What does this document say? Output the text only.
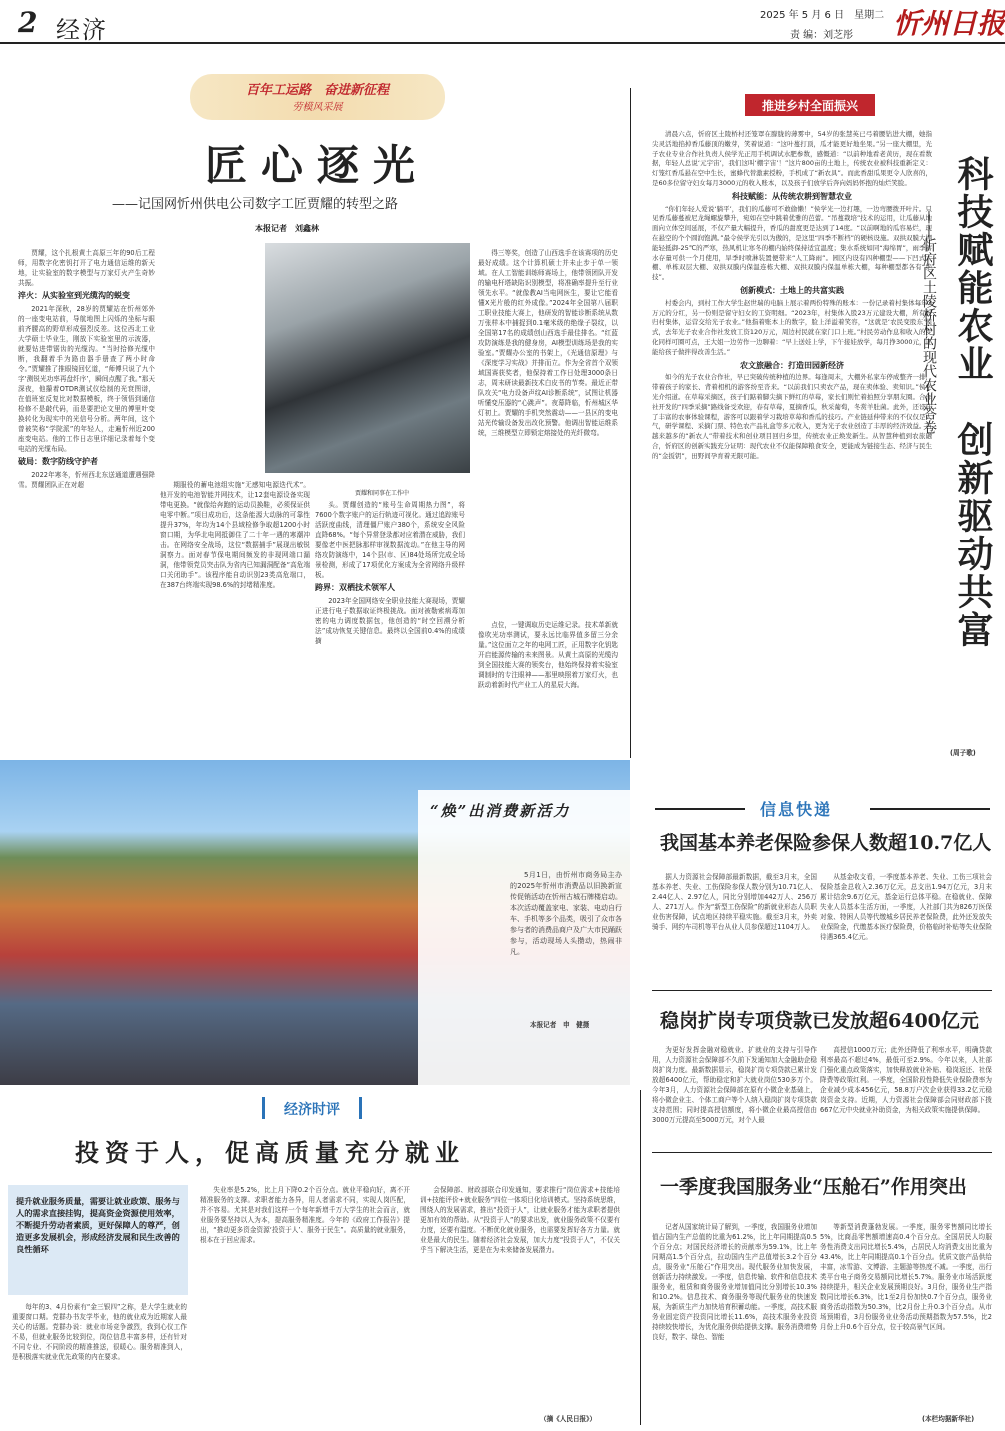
2 经济
2025 年 5 月 6 日　星期二
责 编：刘芝彤 忻州日报
百年工运路　奋进新征程
劳模风采展
匠心逐光
——记国网忻州供电公司数字工匠贾耀的转型之路
本报记者　刘鑫林
贾耀和同事在工作中

贾耀，这个扎根黄土高原三年的90后工程师，用数字化密钥打开了电力通信运维的新天地，让实验室的数字模型与万家灯火产生奇妙共振。

淬火：从实验室到光缆沟的蜕变

2021年深秋，28岁的贾耀站在忻州郊外的一座变电站前，导航地图上闪烁的坐标与眼前齐腰高的野草形成强烈反差。这位西北工业大学硕士毕业生，刚放下实验室里的示波器，就要钻进带锯齿的光缆沟。“当时拾修光缆中断，我翻着手为路由器手册查了两小时命令。”贾耀推了推眼镜回忆道，“师傅只说了九个字‘测锐光功率再盘纤序’，瞬间点醒了我。”那天深夜，他攥着OTDR测试仪绘制的光衰图谱，在值班室反复比对数据模板，终于领悟到通信检修不是敲代码，而是要把论文里的傅里叶变换转化为现实中的光信号分析。两年间，这个曾被笑称“学院派”的年轻人，走遍忻州近200座变电站。他的工作日志里详细记录着每个变电站的光缆布局。

破局：数字防线守护者

2022年寒冬，忻州西北东送通道遭遇强降雪。贾耀团队正在对超	期服役的蓄电池组实施“无感知电源迭代术”。他开发的电池智能并网技术，让12套电源设备实现带电更换。“就像给奔跑的运动员换鞋，必须保证供电零中断。”项目成功后，这条能源大动脉的可靠性提升37%，年均为14个县域检修争取超1200小时窗口期，为华北电网抵御住了二十年一遇的寒潮冲击。在网络安全战场，这位“数据捕手”展现出敏锐洞察力。面对春节保电期间频发的非现网端口漏洞，他带领党员突击队为省内已知漏洞配备“高危端口关闭助手”。该程序能自动识别23类高危端口，在387台终端实现98.6%的封堵精准度。

头。贾耀创造的“账号生命周期热力图”，将7600个数字账户的运行轨迹可视化。通过追踪账号活跃度曲线，清理僵尸账户380个，系统安全风险直降68%。“每个异常登录都对应着潜在威胁，我们要像老中医把脉那样审视数据流动。”在他主导的网络攻防演练中，14个县(市、区)84处场所完成全场景检测，形成了17项优化方案成为全省网络升级样板。

跨界：双栖技术领军人

2023年全国网络安全职业技能大赛现场，贾耀正进行电子数据取证终极挑战。面对被勒索病毒加密的电力调度数据包，他创造的“时空回溯分析法”成功恢复关键信息。最终以全国前0.4%的成绩摘

得三等奖，创造了山西选手在该赛项的历史最好成绩。这个计算机硕士并未止步于单一领域。在人工智能训练师赛场上，他带领团队开发的输电杆塔缺陷识别模型，将准确率提升至行业领先水平。“就像教AI当电网医生，要让它能看懂X光片般的红外成像。”2024年全国第八届职工职业技能大赛上，他研发的智能诊断系统从数万张样本中捕捉到0.1毫米级的绝缘子裂纹，以全国第17名的成绩创山西选手最佳排名。“红蓝攻防演练是我的健身房，AI模型训练场是我的实验室。”贾耀办公室的书架上，《光通信原理》与《深度学习实战》并排而立。作为全省首个双领域国赛获奖者，他保持着工作日处理3000条日志，周末研读最新技术白皮书的节奏。最近正带队攻关“电力设备声纹AI诊断系统”，试图让机器听懂变压器的“心跳声”。夜幕降临，忻州城区华灯初上。贾耀的手机突然震动——一县区的变电站光传输设备发出改化预警。他调出智能运维系统，三维模型立即锁定熔接处的光纤微弯。

点位，一键调取历史运维记录。技术革新就像吹光功率测试，要永远比临界值多留三分余量。”这位面立之年的电网工匠，正用数字化钥匙开启能源传输的未来图景。从黄土高原的光缆沟到全国技能大赛的领奖台，他始终保持着实验室调制时的专注眼神——那里映照着万家灯火，也跃动着新时代产业工人的星辰大海。

推进乡村全面振兴

清晨六点，忻府区土陵桥村还笼罩在朦胧的薄雾中，54岁的张慧英已弓着腰钻进大棚，她指尖灵活地掐掉香瓜藤顶的嫩芽，笑着说道：“这叶蔓打顶，瓜才能更好地坐果。”另一座大棚里，光子农业专业合作社负责人侯学光正用手机调试水肥参数，感慨道：“以前种地看老黄历，现在看数据，年轻人总说‘元宇宙’，我们这叫‘棚宇宙’！”这片800亩的土地上，传统农业被科技重新定义：灯笼红香瓜悬在空中生长，蜜蜂代替激素授粉，手机成了“新农具”。而此香甜瓜果更令人欣喜的，是60多位留守妇女每月3000元的收入账本，以及孩子们放学后奔向妈妈怀抱的灿烂笑脸。

科技赋能：从传统农耕到智慧农业

“你们年轻人爱说‘躺平’，我们的瓜藤可不敢偷懒！”侯学光一边打趣，一边弯腰拨开叶片。只见香瓜藤蔓被尼龙绳螺旋攀升，宛如在空中跳着优雅的芭蕾。“吊蔓栽培”技术的运用，让瓜藤从地面向立体空间延展，不仅产量大幅提升，香瓜的甜度更是达到了14度。“以前啊地的瓜容易烂，现在悬空的个个圆润饱满。”最令侯学光引以为傲的，是这里“四季不断档”的硬核设施。双拱双膜大棚能轻抵御-25℃的严寒，热风机让寒冬的棚内始终保持适宜温度；集水系统如同“海绵胃”，雨季蓄水存量可供一个月使用，旱季时喷淋装置便带来“人工降雨”。园区内设有四种棚型——下凹式大棚、单栋双层大棚、双拱双膜内保温连栋大棚、双拱双膜内保温单栋大棚，每种棚型都各有“绝技”。

创新模式：土地上的共富实践

村委会内，到村工作大学生赵世瑞的电脑上展示着两份特殊的账本：一份记录着村集体每年3万元的分红，另一份则是留守妇女的工资明细。“2023年，村集体入股23万元建设大棚，所有权归村集体，运营交给光子农业。”他指着账本上的数字，脸上洋溢着笑容，“这就是‘农民变股东’模式，去年光子农业合作社发放工资120万元，周边村民就在家门口上班。”村民劳动作息和收入的变化同样可圈可点，王大姐一边劳作一边聊着：“早上送娃上学，下午接娃放学，每月挣3000元，还能给孩子做拌得改善生活。”

农文旅融合：打造田园新经济

如今的光子农业合作社，早已突破传统种植的边界。每逢周末，大棚外私家车停成整齐一排，带着孩子的家长、背着相机的游客纷至沓来。“以前我们只卖农产品，现在卖体验、卖知识。”侯学光介绍道。在草莓采摘区，孩子们踮着脚尖摘下鲜红的草莓，家长们则忙着拍照分享朋友圈。合作社开发的“四季采摘”路线备受欢迎，春有草莓，夏摘香瓜，秋采葡萄，冬赏羊肚菌。此外，还设计了丰富的农事体验课程，游客可以跟着学习栽培草莓和香瓜的技巧。产业链延伸带来的不仅仅是人气，研学课程、采摘门票、特色农产品礼盒等多元收入，更为光子农业创造了丰厚的经济效益。当越来越多的“新农人”带着技术和创业项目回归乡里，传统农业正焕发新生。从智慧种植到农旅融合，忻府区的创新实践充分证明：现代农业不仅能保障粮食安全，更能成为链接生态、经济与民生的“金扳钥”，田野间孕育着无限可能。

(周子歌)
科技赋能农业　创新驱动共富
——忻府区土陵桥村的现代农业答卷
“焕”出消费新活力

5月1日，由忻州市商务局主办的2025年忻州市消费品以旧换新宣传促销活动在忻州古城石牌楼启动。本次活动覆盖家电、家装、电动自行车、手机等多个品类，吸引了众市各参与者的消费品商户及广大市民踊跃参与，活动现场人头攒动，热闹非凡。

本报记者　申　健摄
信息快递
我国基本养老保险参保人数超10.7亿人

据人力资源社会保障部最新数据，截至3月末，全国基本养老、失业、工伤保险参保人数分别为10.71亿人、2.44亿人、2.97亿人，同比分别增加442万人、256万人、271万人。作为“新型工伤保险”的新就业形态人员职业伤害保障，试点地区持续平稳实施。截至3月末，外卖骑手、网约车司机等平台从业人员参保超过1104万人。

从基金收支看，一季度基本养老、失业、工伤三项社会保险基金总收入2.36万亿元，总支出1.94万亿元，3月末累计结余9.6万亿元，基金运行总体平稳。在稳就业、保障失业人员基本生活方面，一季度，人社部门共为826万医保对象、特困人员等代缴城乡居民养老保险费，此外还发放失业保险金，代缴基本医疗保险费，价格临时补贴等失业保险待遇365.4亿元。

稳岗扩岗专项贷款已发放超6400亿元

为更好发挥金融对稳就业、扩就业的支持与引导作用，人力资源社会保障部不久前下发通知加大金融助企稳岗扩岗力度。最新数据显示，稳岗扩岗专项贷款已累计发放超6400亿元，帮助稳定和扩大就业岗位530多万个。今年3月，人力资源社会保障部在原有小微企业基础上，将小微企业主、个体工商户等个人纳入稳岗扩岗专项贷款支持范围；同时提高授信额度，将小微企业最高授信由3000万元提高至5000万元，对个人最

高授信1000万元；此外还降低了利率水平，明确贷款利率最高不超过4%，最低可至2.9%。今年以来，人社部门强化重点政策落实，加快释放就业补贴、稳岗返还、社保降费等政策红利。一季度，全国阶段性降低失业保险费率为企业减少成本456亿元，58.8万户次企业获得33.2亿元稳岗资金支持。近期，人力资源社会保障部会同财政部下拨667亿元中央就业补助资金，为相关政策实施提供保障。

一季度我国服务业“压舱石”作用突出

记者从国家统计局了解到，一季度，我国服务业增加值占国内生产总值的比重为61.2%，比上年同期提高0.5个百分点；对国民经济增长的贡献率为59.1%，比上年同期高1.5个百分点，拉动国内生产总值增长3.2个百分点，服务业“压舱石”作用突出。现代服务业加快发展，创新活力持续激发。一季度，信息传输、软件和信息技术服务业，租赁和商务服务业增加值同比分别增长10.3%和10.2%。信息技术、商务服务等现代服务业的快速发展，为新质生产力加快培育积蓄动能。一季度，高技术服务业固定资产投资同比增长11.6%，高技术服务业投资持续较快增长，为优化服务供给提供支撑。服务消费增势良好，数字、绿色、智能

等新型消费蓬勃发展。一季度，服务零售额同比增长5%，比商品零售额增速高0.4个百分点。全国居民人均服务性消费支出同比增长5.4%，占居民人均消费支出比重为43.4%，比上年同期提高0.1个百分点。优质文旅产品供给丰富，冰雪游、文博游、主题游等热度不减。一季度，出行类平台电子商务交易额同比增长5.7%。服务业市场活跃度持续提升，相关企业发展预期良好。3月份，服务业生产指数同比增长6.3%，比1至2月份加快0.7个百分点，服务业商务活动指数为50.3%，比2月份上升0.3个百分点。从市场预期看，3月份服务业业务活动预期指数为57.5%，比2月份上升0.6个百分点，位于较高景气区间。

(本栏均据新华社)
经济时评
投资于人，促高质量充分就业
提升就业服务质量，需要让就业政策、服务与人的需求直接挂钩，提高资金资源使用效率，不断提升劳动者素质，更好保障人的尊严，创造更多发展机会，形成经济发展和民生改善的良性循环

每年的3、4月份素有“金三银四”之称，是大学生就业的重要窗口期。党群办书友学毕业，他的就业成为近期家人最关心的话题。党群办说：就业市场竞争激烈，我到心仪工作不易，但就业服务比较到位，岗位信息丰富多样，还有针对不同专业、不同阶段的精准推送，很暖心。服务精准到人，是积极落实就业优先政策的内在要求。

失业率是5.2%，比上月下降0.2个百分点。就业平稳向好，离不开精准服务的支撑。求职者能力各异，用人者需求不同，实现人岗匹配，并不容易。尤其是对我们这样一个每年新增千万大学生的社会而言，就业服务要坚持以人为本，提高服务精准度。今年的《政府工作报告》提出，“推动更多资金资源‘投资于人’、服务于民生”。高质量的就业服务，根本在于回应需求。

会保障部、财政部联合印发通知，要求推行“岗位需求+技能培训+技能评价+就业服务”四位一体项目化培训模式。坚持系统思维，围绕人的发展需求，推出“投资于人”，让就业服务才能为求职者提供更加有效的帮助。从“投资于人”的要求出发，就业服务政策不仅要有力度，还要有温度。不断优化就业服务，也需要发挥好各方力量。就业是最大的民生。随着经济社会发展，加大力度“投资于人”，不仅关乎当下解决生活，更是在为未来储备发展潜力。

（摘《人民日报》）
